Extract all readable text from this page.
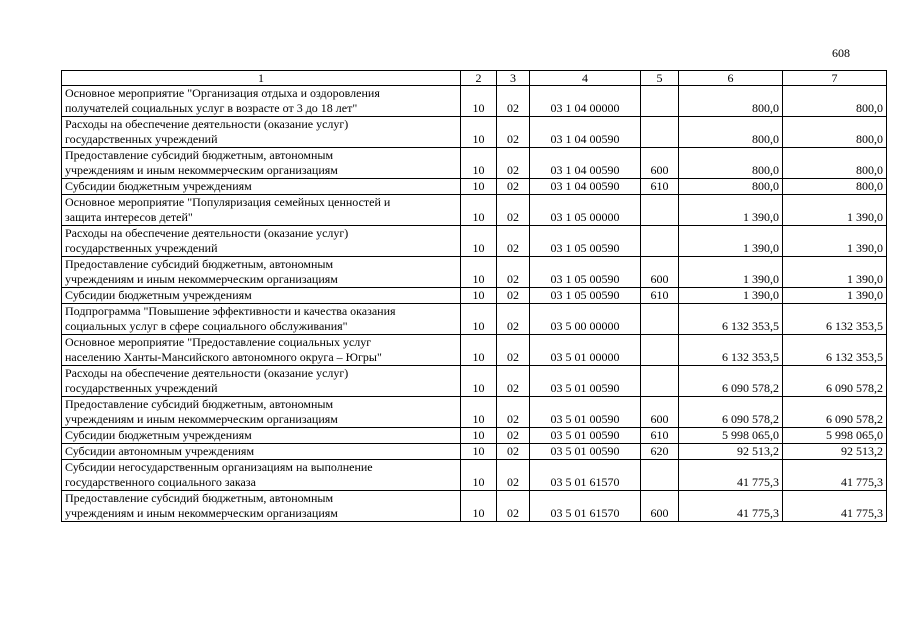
608
1	2	3	4	5	6	7

Основное мероприятие "Организация отдыха и оздоровления
получателей социальных услуг в возрасте от 3 до 18 лет"	10	02	03 1 04 00000		800,0	800,0

Расходы на обеспечение деятельности (оказание услуг)
государственных учреждений	10	02	03 1 04 00590		800,0	800,0

Предоставление субсидий бюджетным, автономным
учреждениям и иным некоммерческим организациям	10	02	03 1 04 00590	600	800,0	800,0

Субсидии бюджетным учреждениям	10	02	03 1 04 00590	610	800,0	800,0

Основное мероприятие "Популяризация семейных ценностей и
защита интересов детей"	10	02	03 1 05 00000		1 390,0	1 390,0

Расходы на обеспечение деятельности (оказание услуг)
государственных учреждений	10	02	03 1 05 00590		1 390,0	1 390,0

Предоставление субсидий бюджетным, автономным
учреждениям и иным некоммерческим организациям	10	02	03 1 05 00590	600	1 390,0	1 390,0

Субсидии бюджетным учреждениям	10	02	03 1 05 00590	610	1 390,0	1 390,0

Подпрограмма "Повышение эффективности и качества оказания
социальных услуг в сфере социального обслуживания"	10	02	03 5 00 00000		6 132 353,5	6 132 353,5

Основное мероприятие "Предоставление социальных услуг
населению Ханты-Мансийского автономного округа – Югры"	10	02	03 5 01 00000		6 132 353,5	6 132 353,5

Расходы на обеспечение деятельности (оказание услуг)
государственных учреждений	10	02	03 5 01 00590		6 090 578,2	6 090 578,2

Предоставление субсидий бюджетным, автономным
учреждениям и иным некоммерческим организациям	10	02	03 5 01 00590	600	6 090 578,2	6 090 578,2

Субсидии бюджетным учреждениям	10	02	03 5 01 00590	610	5 998 065,0	5 998 065,0

Субсидии автономным учреждениям	10	02	03 5 01 00590	620	92 513,2	92 513,2

Субсидии негосударственным организациям на выполнение
государственного социального заказа	10	02	03 5 01 61570		41 775,3	41 775,3

Предоставление субсидий бюджетным, автономным
учреждениям и иным некоммерческим организациям	10	02	03 5 01 61570	600	41 775,3	41 775,3
